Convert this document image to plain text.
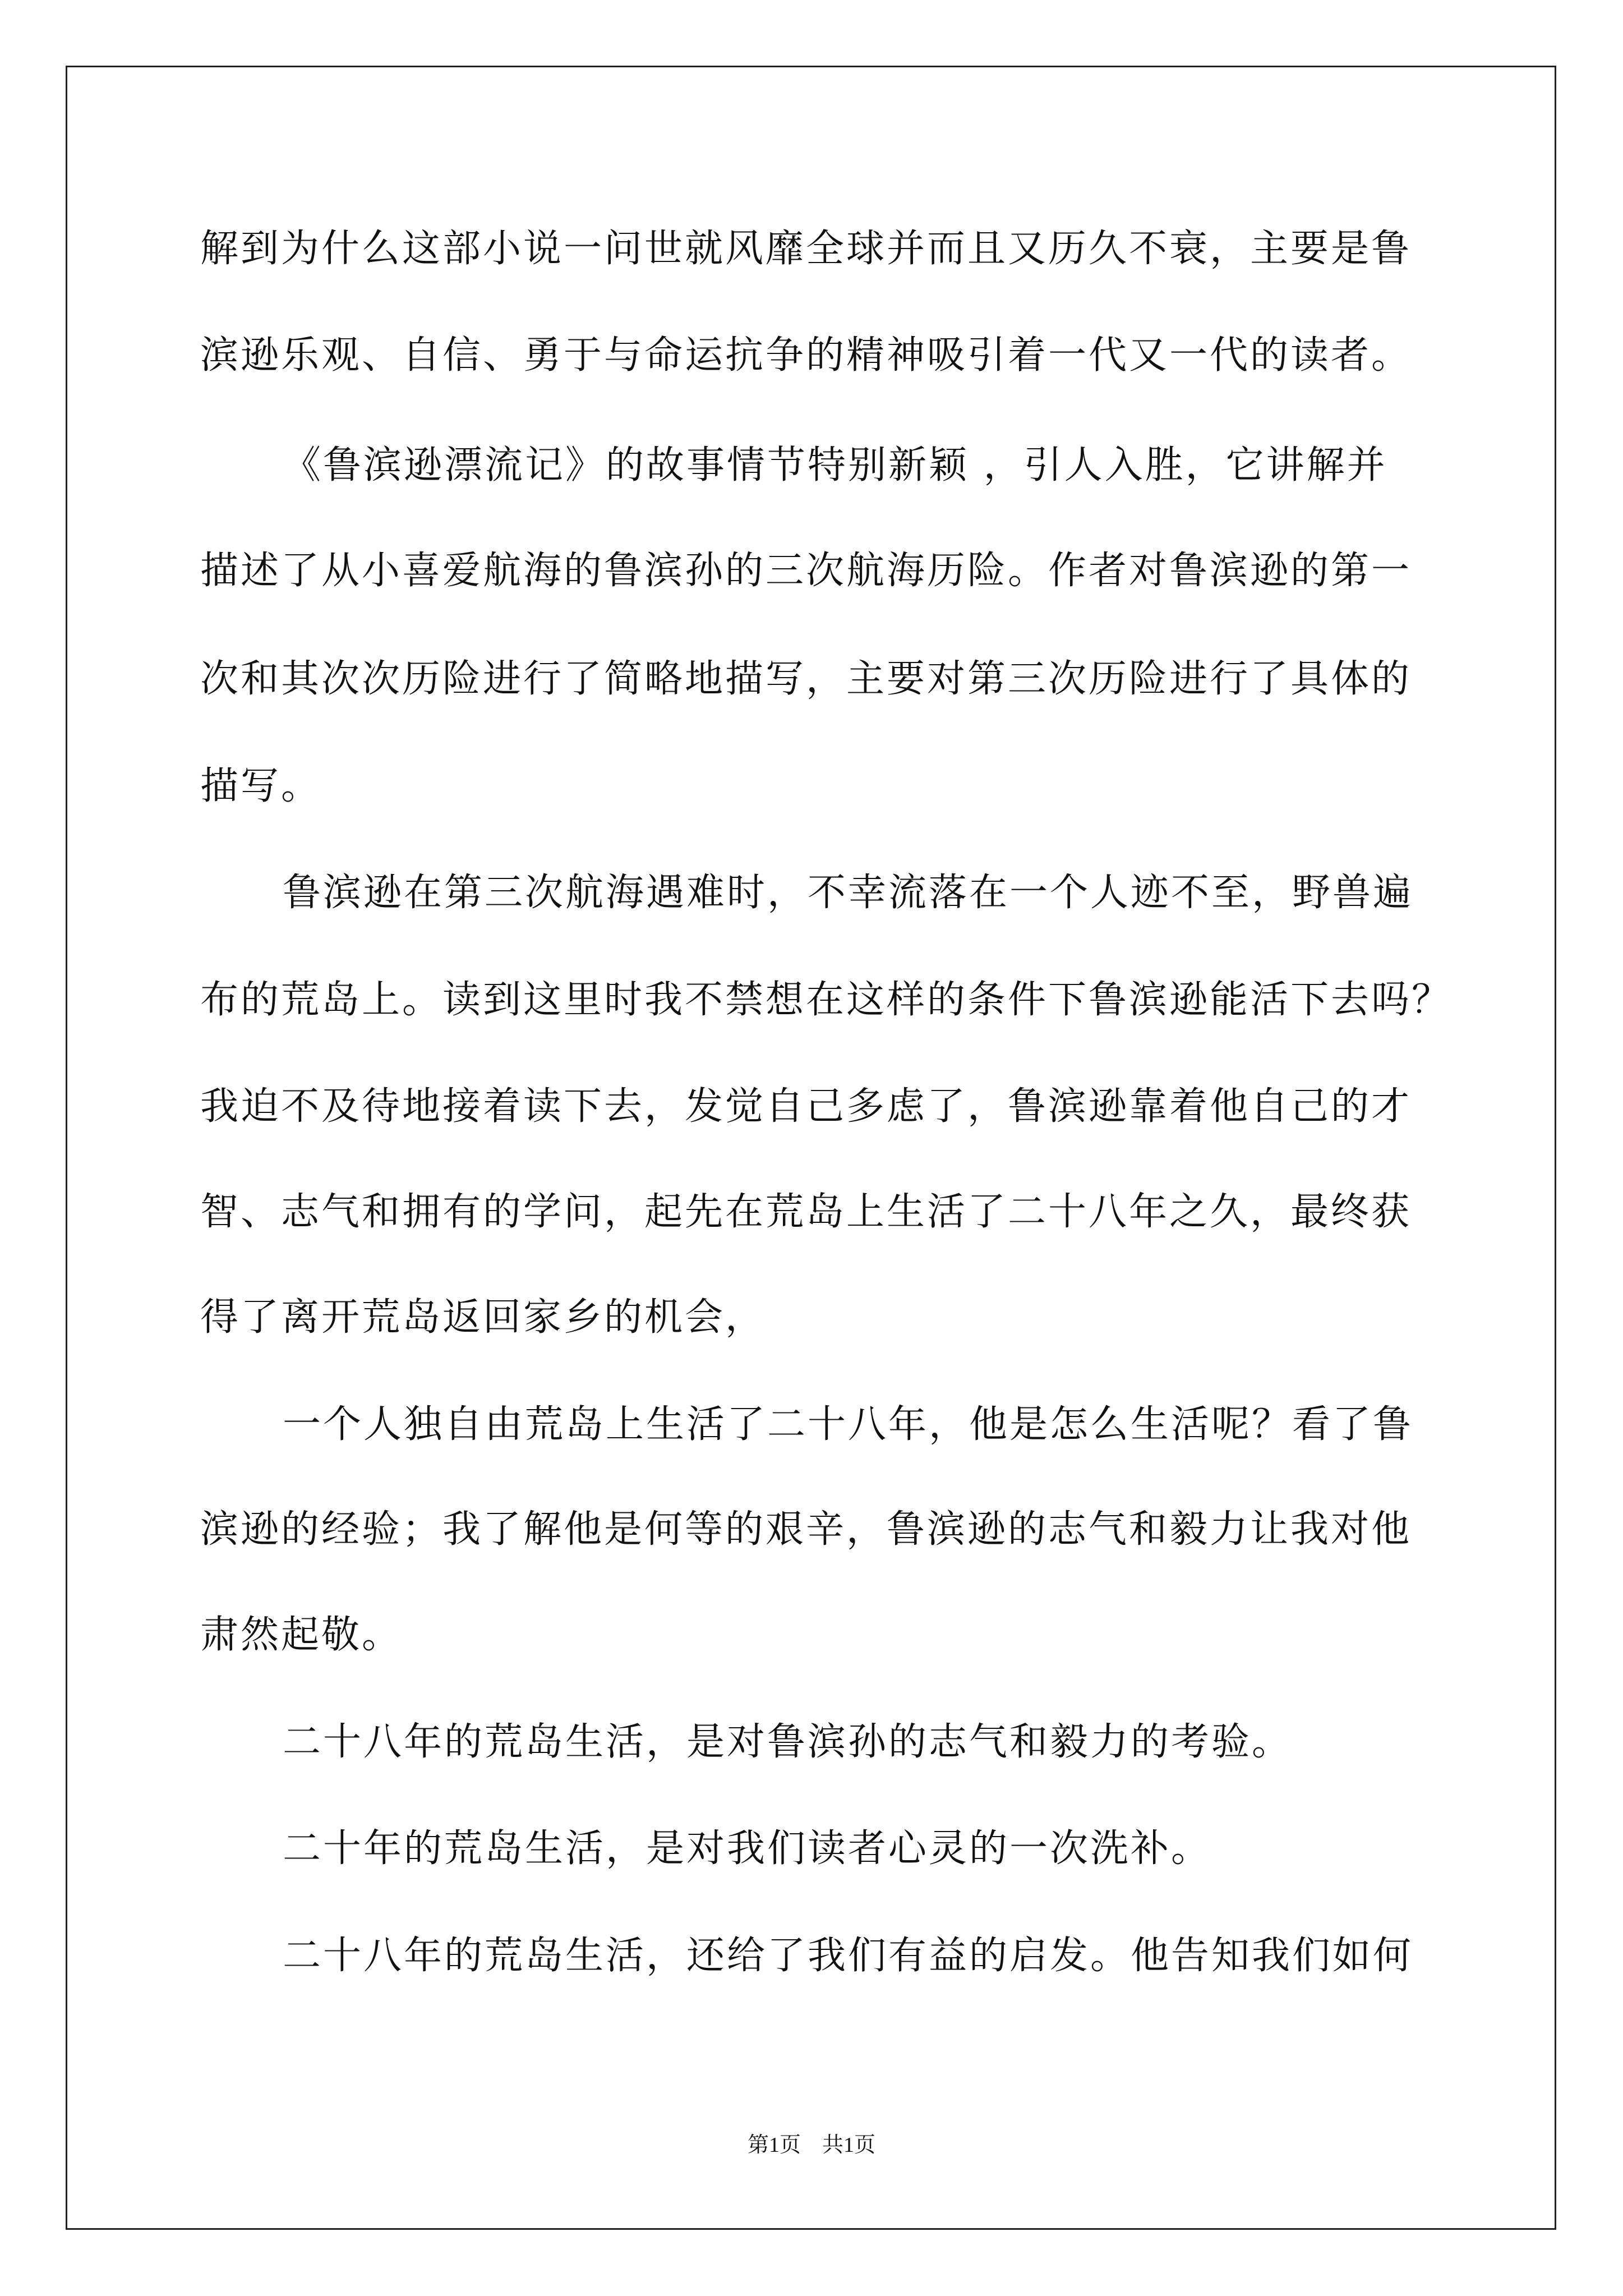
解到为什么这部小说一问世就风靡全球并而且又历久不衰，主要是鲁
滨逊乐观、自信、勇于与命运抗争的精神吸引着一代又一代的读者。
《鲁滨逊漂流记》的故事情节特别新颖 ，引人入胜，它讲解并
描述了从小喜爱航海的鲁滨孙的三次航海历险。作者对鲁滨逊的第一
次和其次次历险进行了简略地描写，主要对第三次历险进行了具体的
描写。
鲁滨逊在第三次航海遇难时，不幸流落在一个人迹不至，野兽遍
布的荒岛上。读到这里时我不禁想在这样的条件下鲁滨逊能活下去吗？
我迫不及待地接着读下去，发觉自己多虑了，鲁滨逊靠着他自己的才
智、志气和拥有的学问，起先在荒岛上生活了二十八年之久，最终获
得了离开荒岛返回家乡的机会，
一个人独自由荒岛上生活了二十八年，他是怎么生活呢？看了鲁
滨逊的经验；我了解他是何等的艰辛，鲁滨逊的志气和毅力让我对他
肃然起敬。
二十八年的荒岛生活，是对鲁滨孙的志气和毅力的考验。
二十年的荒岛生活，是对我们读者心灵的一次洗补。
二十八年的荒岛生活，还给了我们有益的启发。他告知我们如何
第1页　共1页
